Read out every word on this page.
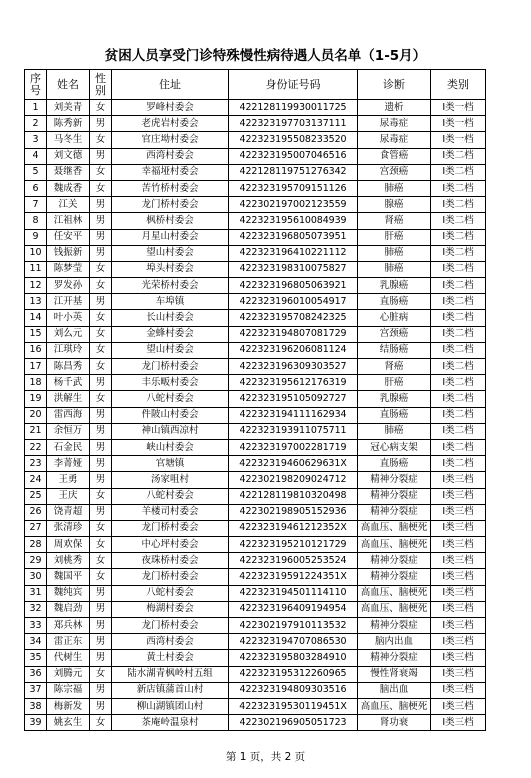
贫困人员享受门诊特殊慢性病待遇人员名单（1-5月）
序号	姓名	性别	住址	身份证号码	诊断	类别
1	刘美青	女	罗峰村委会	422128119930011725	遗析	Ⅰ类一档
2	陈秀新	男	老虎岩村委会	422323197703137111	尿毒症	Ⅰ类一档
3	马冬生	女	官庄坳村委会	422323195508233520	尿毒症	Ⅰ类一档
4	刘文德	男	西湾村委会	422323195007046516	食管癌	Ⅰ类二档
5	聂继香	女	幸福垭村委会	422128119751276342	宫颈癌	Ⅰ类二档
6	魏成香	女	苦竹桥村委会	422323195709151126	肺癌	Ⅰ类二档
7	江关	男	龙门桥村委会	422302197002123559	腺癌	Ⅰ类二档
8	江祖林	男	枫桥村委会	422323195610084939	肾癌	Ⅰ类二档
9	任安平	男	月星山村委会	422323196805073951	肝癌	Ⅰ类二档
10	钱振新	男	望山村委会	422323196410221112	肺癌	Ⅰ类二档
11	陈梦莹	女	埠头村委会	422323198310075827	肺癌	Ⅰ类二档
12	罗发孙	女	光荣桥村委会	422323196805063921	乳腺癌	Ⅰ类二档
13	江开基	男	车埠镇	422323196010054917	直肠癌	Ⅰ类二档
14	叶小英	女	长山村委会	422323195708242325	心脏病	Ⅰ类二档
15	刘么元	女	金蜂村委会	422323194807081729	宫颈癌	Ⅰ类二档
16	江琪玲	女	望山村委会	422323196206081124	结肠癌	Ⅰ类二档
17	陈昌秀	女	龙门桥村委会	422323196309303527	肾癌	Ⅰ类二档
18	杨千武	男	丰乐畈村委会	422323195612176319	肝癌	Ⅰ类二档
19	洪解生	女	八蛇村委会	422323195105092727	乳腺癌	Ⅰ类二档
20	雷西海	男	件陂山村委会	422323194111162934	直肠癌	Ⅰ类二档
21	余恒万	男	神山镇西凉村	422323193911075711	肺癌	Ⅰ类二档
22	石金民	男	峡山村委会	422323197002281719	冠心病支架	Ⅰ类二档
23	李菁娅	男	官塘镇	42232319460629631X	直肠癌	Ⅰ类二档
24	王勇	男	汤家咀村	422302198209024712	精神分裂症	Ⅰ类三档
25	王庆	女	八蛇村委会	422128119810320498	精神分裂症	Ⅰ类三档
26	饶青超	男	羊楼司村委会	422302198905152936	精神分裂症	Ⅰ类三档
27	张清珍	女	龙门桥村委会	42232319461212352X	高血压、脑梗死	Ⅰ类三档
28	周欢保	女	中心坪村委会	422323195210121729	高血压、脑梗死	Ⅰ类三档
29	刘桃秀	女	夜珠桥村委会	422323196005253524	精神分裂症	Ⅰ类三档
30	魏国平	女	龙门桥村委会	42232319591224351X	精神分裂症	Ⅰ类三档
31	魏纯宾	男	八蛇村委会	422323194501114110	高血压、脑梗死	Ⅰ类三档
32	魏启劲	男	梅湖村委会	422323196409194954	高血压、脑梗死	Ⅰ类三档
33	郑兵林	男	龙门桥村委会	422302197910113532	精神分裂症	Ⅰ类三档
34	雷正东	男	西湾村委会	422323194707086530	脑内出血	Ⅰ类三档
35	代树生	男	黄土村委会	422323195803284910	精神分裂症	Ⅰ类三档
36	刘腾元	女	陆水湖青枫岭村五组	422323195312260965	慢性肾衰竭	Ⅰ类三档
37	陈宗福	男	新店镇蒲首山村	422323194809303516	脑出血	Ⅰ类三档
38	梅新发	男	柳山湖镇团山村	42232319530119451X	高血压、脑梗死	Ⅰ类三档
39	姚玄生	女	茶庵岭温泉村	422302196905051723	肾功衰	Ⅰ类三档
第 1 页，共 2 页
